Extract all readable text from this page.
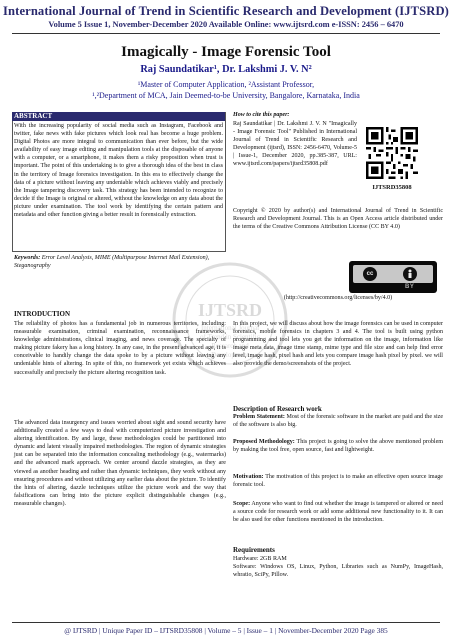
International Journal of Trend in Scientific Research and Development (IJTSRD)
Volume 5 Issue 1, November-December 2020 Available Online: www.ijtsrd.com e-ISSN: 2456 – 6470
Imagically - Image Forensic Tool
Raj Saundatikar¹, Dr. Lakshmi J. V. N²
¹Master of Computer Application, ²Assistant Professor,
¹,²Department of MCA, Jain Deemed-to-be University, Bangalore, Karnataka, India
ABSTRACT
With the increasing popularity of social media such as Instagram, Facebook and twitter, fake news with fake pictures which look real has become a huge problem. Digital Photos are more integral to communication than ever before, but the wide availability of easy image editing and manipulation tools at the disposable of anyone with a computer, or a smartphone, it makes them a risky proposition when trust is important. The point of this undertaking is to give a thorough idea of the best in class in the territory of Image forensics investigation. In this era to effectively change the data of a picture without leaving any undeniable which achieves viably and precisely the Image tampering discovery task. This strategy has been intended to recognize to decide if the Image is original or altered, without the knowledge on any data about the picture under examination. The tool work by identifying the certain pattern and metadata and other function giving a better result in forensically extraction.
Keywords: Error Level Analysis, MIME (Multipurpose Internet Mail Extension), Steganography
How to cite this paper:
Raj Saundatikar | Dr. Lakshmi J. V. N "Imagically - Image Forensic Tool" Published in International Journal of Trend in Scientific Research and Development (ijtsrd), ISSN: 2456-6470, Volume-5 | Issue-1, December 2020, pp.385-387, URL: www.ijtsrd.com/papers/ijtsrd35808.pdf
IJTSRD35808
Copyright © 2020 by author(s) and International Journal of Trend in Scientific Research and Development Journal. This is an Open Access article distributed under the terms of the Creative Commons Attribution License (CC BY 4.0)
(http://creativecommons.org/licenses/by/4.0)
cc
BY
IJTSRD
International Journal
of Trend in Scientific
Research and
Development
INTRODUCTION
The reliability of photos has a fundamental job in numerous territories, including: measurable examination, criminal examination, reconnaissance frameworks, knowledge administrations, clinical imaging, and news coverage. The specialty of making picture fakery has a long history. In any case, in the present advanced age, it is conceivable to handily change the data spoke to by a picture without leaving any undeniable hints of altering. In spite of this, no framework yet exists which achieves successfully and precisely the picture altering recognition task.
The advanced data insurgency and issues worried about sight and sound security have additionally created a few ways to deal with computerized picture investigation and altering identification. By and large, these methodologies could be partitioned into dynamic and latent visually impaired methodologies. The region of dynamic strategies just can be separated into the information concealing methodology (e.g., watermarks) and the advanced mark approach. We center around dazzle strategies, as they are viewed as another heading and rather than dynamic techniques, they work without any ensuring procedures and without utilizing any earlier data about the picture. To identify the hints of altering, dazzle techniques utilize the picture work and the way that falsifications can bring into the picture explicit distinguishable changes (e.g., measurable changes).
In this project, we will discuss about how the image forensics can be used in computer forensics, mobile forensics in chapters 3 and 4. The tool is built using python programming and tool lets you get the information on the image, information like image meta data, image time stamp, mime type and file size and can help find error level, image hash, pixel hash and lets you compare image hash pixel by pixel. we will also provide the demo/screenshots of the project.
Description of Research work
Problem Statement: Most of the forensic software in the market are paid and the size of the software is also big.
Proposed Methodology: This project is going to solve the above mentioned problem by making the tool free, open source, fast and lightweight.
Motivation: The motivation of this project is to make an effective open source image forensic tool.
Scope: Anyone who want to find out whether the image is tampered or altered or need a source code for research work or add some additional new functionality to it. It can be also used for other functions mentioned in the introduction.
Requirements
Hardware: 2GB RAM
Software: Windows OS, Linux, Python, Libraries such as NumPy, ImageHash, whratio, SciPy, Pillow.
@ IJTSRD | Unique Paper ID – IJTSRD35808 | Volume – 5 | Issue – 1 | November-December 2020 Page 385
